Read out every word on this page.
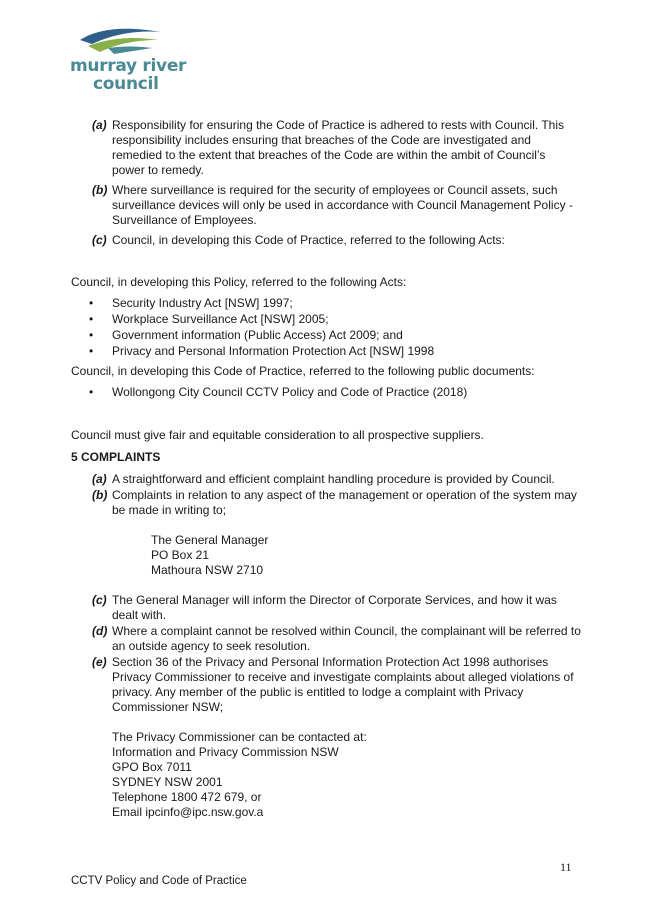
murray river
council
(a) Responsibility for ensuring the Code of Practice is adhered to rests with Council. This responsibility includes ensuring that breaches of the Code are investigated and remedied to the extent that breaches of the Code are within the ambit of Council’s power to remedy.

(b) Where surveillance is required for the security of employees or Council assets, such surveillance devices will only be used in accordance with Council Management Policy - Surveillance of Employees.

(c) Council, in developing this Code of Practice, referred to the following Acts:

Council, in developing this Policy, referred to the following Acts:

• Security Industry Act [NSW] 1997;

• Workplace Surveillance Act [NSW] 2005;

• Government information (Public Access) Act 2009; and

• Privacy and Personal Information Protection Act [NSW] 1998

Council, in developing this Code of Practice, referred to the following public documents:

• Wollongong City Council CCTV Policy and Code of Practice (2018)

Council must give fair and equitable consideration to all prospective suppliers.

5 COMPLAINTS

(a) A straightforward and efficient complaint handling procedure is provided by Council.

(b) Complaints in relation to any aspect of the management or operation of the system may be made in writing to;

The General Manager

PO Box 21

Mathoura NSW 2710

(c) The General Manager will inform the Director of Corporate Services, and how it was dealt with.

(d) Where a complaint cannot be resolved within Council, the complainant will be referred to an outside agency to seek resolution.

(e) Section 36 of the Privacy and Personal Information Protection Act 1998 authorises Privacy Commissioner to receive and investigate complaints about alleged violations of privacy. Any member of the public is entitled to lodge a complaint with Privacy Commissioner NSW;

The Privacy Commissioner can be contacted at:

Information and Privacy Commission NSW

GPO Box 7011

SYDNEY NSW 2001

Telephone 1800 472 679, or

Email ipcinfo@ipc.nsw.gov.a

11
CCTV Policy and Code of Practice
